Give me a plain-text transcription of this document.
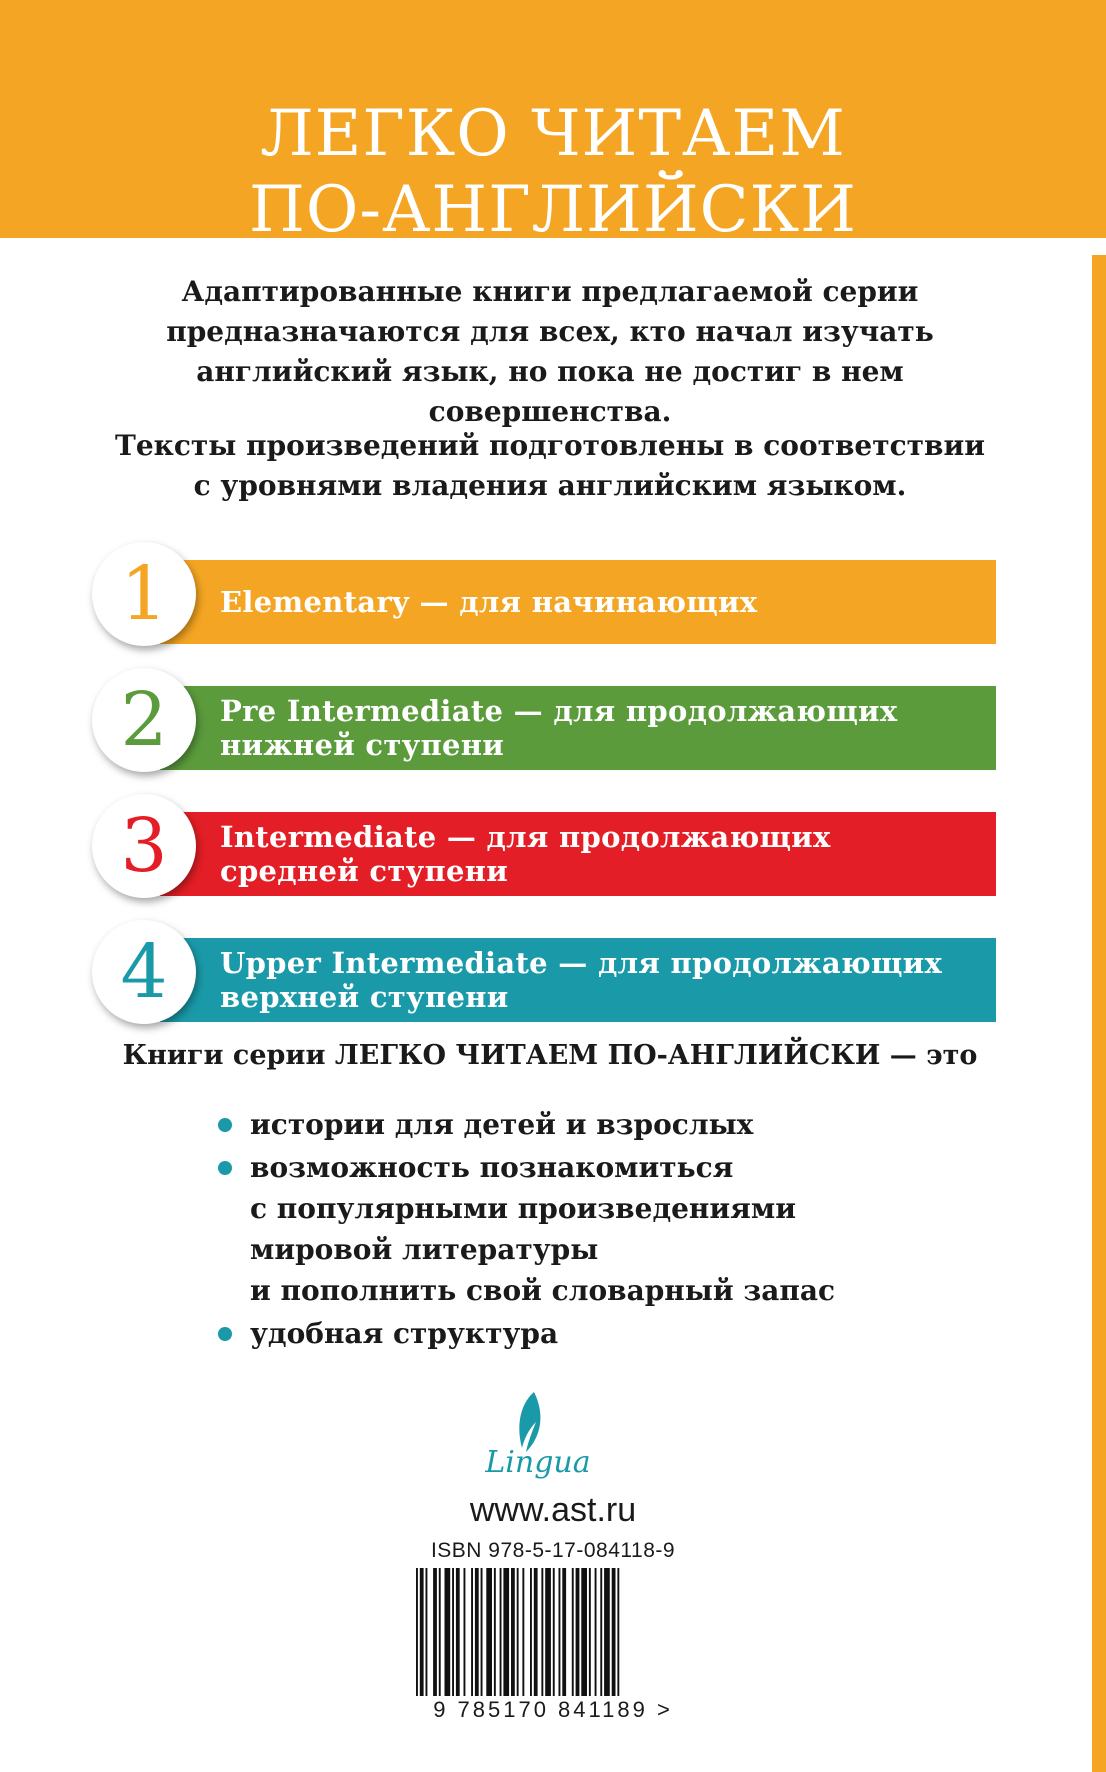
ЛЕГКО ЧИТАЕМ
ПО-АНГЛИЙСКИ

Адаптированные книги предлагаемой серии
предназначаются для всех, кто начал изучать
английский язык, но пока не достиг в нем
совершенства.

Тексты произведений подготовлены в соответствии
с уровнями владения английским языком.

Elementary — для начинающих
1
Pre Intermediate — для продолжающих
нижней ступени
2
Intermediate — для продолжающих
средней ступени
3
Upper Intermediate — для продолжающих
верхней ступени
4

Книги серии ЛЕГКО ЧИТАЕМ ПО-АНГЛИЙСКИ — это

истории для детей и взрослых
возможность познакомиться
с популярными произведениями
мировой литературы
и пополнить свой словарный запас
удобная структура
Lingua
www.ast.ru
ISBN 978-5-17-084118-9
9 785170 841189 >
